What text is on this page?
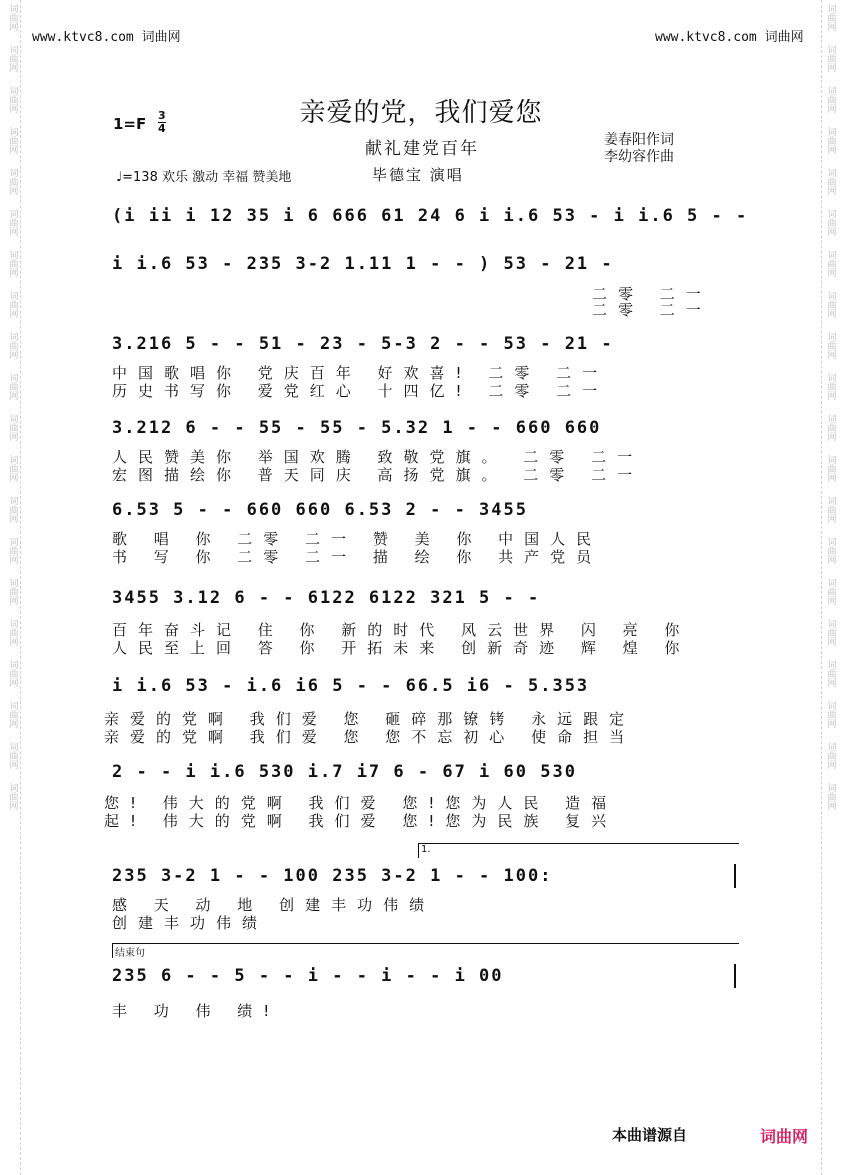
词曲网
词曲网
词曲网
词曲网
词曲网
词曲网
词曲网
词曲网
词曲网
词曲网
词曲网
词曲网
词曲网
词曲网
词曲网
词曲网
词曲网
词曲网
词曲网
词曲网
词曲网
词曲网
词曲网
词曲网
词曲网
词曲网
词曲网
词曲网
词曲网
词曲网
词曲网
词曲网
词曲网
词曲网
词曲网
词曲网
词曲网
词曲网
词曲网
词曲网
www.ktvc8.com 词曲网	www.ktvc8.com 词曲网
亲爱的党，我们爱您
1=F 3
4
献礼建党百年	姜春阳作词
李幼容作曲
♩=138 欢乐 激动 幸福 赞美地	毕德宝 演唱
(i ii i 12 35 i 6 666 61 24 6 i i.6 53 - i i.6 5 - -
i i.6 53 - 235 3-2 1.11 1 - - ) 53 - 21 -
二零 二一
二零 二一
3.216 5 - - 51 - 23 - 5-3 2 - - 53 - 21 -
中国歌唱你 党庆百年 好欢喜! 二零 二一
历史书写你 爱党红心 十四亿! 二零 二一
3.212 6 - - 55 - 55 - 5.32 1 - - 660 660
人民赞美你 举国欢腾 致敬党旗。 二零 二一
宏图描绘你 普天同庆 高扬党旗。 二零 二一
6.53 5 - - 660 660 6.53 2 - - 3455
歌 唱 你 二零 二一 赞 美 你 中国人民
书 写 你 二零 二一 描 绘 你 共产党员
3455 3.12 6 - - 6122 6122 321 5 - -
百年奋斗记 住 你 新的时代 风云世界 闪 亮 你
人民至上回 答 你 开拓未来 创新奇迹 辉 煌 你
i i.6 53 - i.6 i6 5 - - 66.5 i6 - 5.353
亲爱的党啊 我们爱 您 砸碎那镣铐 永远跟定
亲爱的党啊 我们爱 您 您不忘初心 使命担当
2 - - i i.6 530 i.7 i7 6 - 67 i 60 530
您! 伟大的党啊 我们爱 您!您为人民 造福
起! 伟大的党啊 我们爱 您!您为民族 复兴
1.
235 3-2 1 - - 100 235 3-2 1 - - 100:
感 天 动 地 创建丰功伟绩
创建丰功伟绩
结束句
235 6 - - 5 - - i - - i - - i 00
丰 功 伟 绩!
本曲谱源自	词曲网
